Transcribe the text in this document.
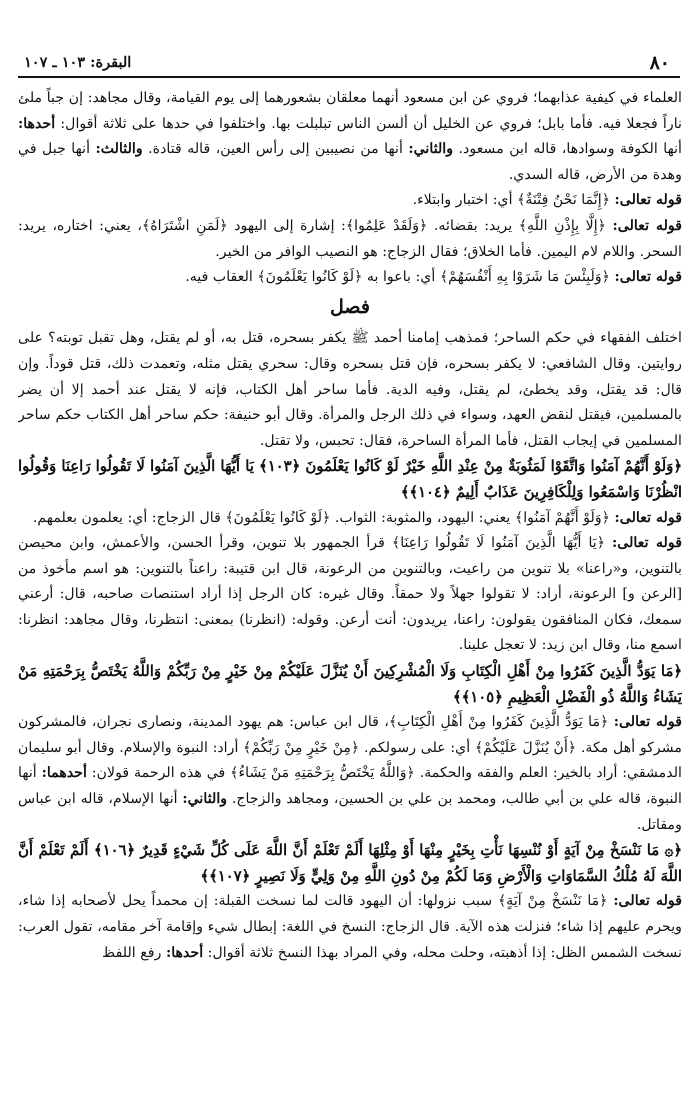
٨٠
البقرة: ١٠٣ ـ ١٠٧

العلماء في كيفية عذابهما؛ فروي عن ابن مسعود أنهما معلقان بشعورهما إلى يوم القيامة، وقال مجاهد: إن جباً ملئ ناراً فجعلا فيه. فأما بابل؛ فروي عن الخليل أن ألسن الناس تبلبلت بها. واختلفوا في حدها على ثلاثة أقوال: أحدها: أنها الكوفة وسوادها، قاله ابن مسعود. والثاني: أنها من نصيبين إلى رأس العين، قاله قتادة. والثالث: أنها جبل في وهدة من الأرض، قاله السدي.

قوله تعالى: ﴿إِنَّمَا نَحْنُ فِتْنَةٌ﴾ أي: اختبار وابتلاء.

قوله تعالى: ﴿إِلَّا بِإِذْنِ اللَّهِ﴾ يريد: بقضائه. ﴿وَلَقَدْ عَلِمُوا﴾: إشارة إلى اليهود ﴿لَمَنِ اشْتَرَاهُ﴾، يعني: اختاره، يريد: السحر. واللام لام اليمين. فأما الخلاق؛ فقال الزجاج: هو النصيب الوافر من الخير.

قوله تعالى: ﴿وَلَبِئْسَ مَا شَرَوْا بِهِ أَنْفُسَهُمْ﴾ أي: باعوا به ﴿لَوْ كَانُوا يَعْلَمُونَ﴾ العقاب فيه.

فصل

اختلف الفقهاء في حكم الساحر؛ فمذهب إمامنا أحمد ﷺ يكفر بسحره، قتل به، أو لم يقتل، وهل تقبل توبته؟ على روايتين. وقال الشافعي: لا يكفر بسحره، فإن قتل بسحره وقال: سحري يقتل مثله، وتعمدت ذلك، قتل قوداً. وإن قال: قد يقتل، وقد يخطئ، لم يقتل، وفيه الدية. فأما ساحر أهل الكتاب، فإنه لا يقتل عند أحمد إلا أن يضر بالمسلمين، فيقتل لنقض العهد، وسواء في ذلك الرجل والمرأة. وقال أبو حنيفة: حكم ساحر أهل الكتاب حكم ساحر المسلمين في إيجاب القتل، فأما المرأة الساحرة، فقال: تحبس، ولا تقتل.

﴿وَلَوْ أَنَّهُمْ آمَنُوا وَاتَّقَوْا لَمَثُوبَةٌ مِنْ عِنْدِ اللَّهِ خَيْرٌ لَوْ كَانُوا يَعْلَمُونَ ﴿١٠٣﴾ يَا أَيُّهَا الَّذِينَ آمَنُوا لَا تَقُولُوا رَاعِنَا وَقُولُوا انْظُرْنَا وَاسْمَعُوا وَلِلْكَافِرِينَ عَذَابٌ أَلِيمٌ ﴿١٠٤﴾﴾

قوله تعالى: ﴿وَلَوْ أَنَّهُمْ آمَنُوا﴾ يعني: اليهود، والمثوبة: الثواب. ﴿لَوْ كَانُوا يَعْلَمُونَ﴾ قال الزجاج: أي: يعلمون بعلمهم.

قوله تعالى: ﴿يَا أَيُّهَا الَّذِينَ آمَنُوا لَا تَقُولُوا رَاعِنَا﴾ قرأ الجمهور بلا تنوين، وقرأ الحسن، والأعمش، وابن محيصن بالتنوين، و«راعنا» بلا تنوين من راعيت، وبالتنوين من الرعونة، قال ابن قتيبة: راعناً بالتنوين: هو اسم مأخوذ من [الرعن و] الرعونة، أراد: لا تقولوا جهلاً ولا حمقاً. وقال غيره: كان الرجل إذا أراد استنصات صاحبه، قال: أرعني سمعك، فكان المنافقون يقولون: راعنا، يريدون: أنت أرعن. وقوله: (انظرنا) بمعنى: انتظرنا، وقال مجاهد: انظرنا: اسمع منا، وقال ابن زيد: لا تعجل علينا.

﴿مَا يَوَدُّ الَّذِينَ كَفَرُوا مِنْ أَهْلِ الْكِتَابِ وَلَا الْمُشْرِكِينَ أَنْ يُنَزَّلَ عَلَيْكُمْ مِنْ خَيْرٍ مِنْ رَبِّكُمْ وَاللَّهُ يَخْتَصُّ بِرَحْمَتِهِ مَنْ يَشَاءُ وَاللَّهُ ذُو الْفَضْلِ الْعَظِيمِ ﴿١٠٥﴾﴾

قوله تعالى: ﴿مَا يَوَدُّ الَّذِينَ كَفَرُوا مِنْ أَهْلِ الْكِتَابِ﴾، قال ابن عباس: هم يهود المدينة، ونصارى نجران، فالمشركون مشركو أهل مكة. ﴿أَنْ يُنَزَّلَ عَلَيْكُمْ﴾ أي: على رسولكم. ﴿مِنْ خَيْرٍ مِنْ رَبِّكُمْ﴾ أراد: النبوة والإسلام. وقال أبو سليمان الدمشقي: أراد بالخير: العلم والفقه والحكمة. ﴿وَاللَّهُ يَخْتَصُّ بِرَحْمَتِهِ مَنْ يَشَاءُ﴾ في هذه الرحمة قولان: أحدهما: أنها النبوة، قاله علي بن أبي طالب، ومحمد بن علي بن الحسين، ومجاهد والزجاج. والثاني: أنها الإسلام، قاله ابن عباس ومقاتل.

﴿۞ مَا نَنْسَخْ مِنْ آيَةٍ أَوْ نُنْسِهَا نَأْتِ بِخَيْرٍ مِنْهَا أَوْ مِثْلِهَا أَلَمْ تَعْلَمْ أَنَّ اللَّهَ عَلَى كُلِّ شَيْءٍ قَدِيرٌ ﴿١٠٦﴾ أَلَمْ تَعْلَمْ أَنَّ اللَّهَ لَهُ مُلْكُ السَّمَاوَاتِ وَالْأَرْضِ وَمَا لَكُمْ مِنْ دُونِ اللَّهِ مِنْ وَلِيٍّ وَلَا نَصِيرٍ ﴿١٠٧﴾﴾

قوله تعالى: ﴿مَا نَنْسَخْ مِنْ آيَةٍ﴾ سبب نزولها: أن اليهود قالت لما نسخت القبلة: إن محمداً يحل لأصحابه إذا شاء، ويحرم عليهم إذا شاء؛ فنزلت هذه الآية. قال الزجاج: النسخ في اللغة: إبطال شيء وإقامة آخر مقامه، تقول العرب: نسخت الشمس الظل: إذا أذهبته، وحلت محله، وفي المراد بهذا النسخ ثلاثة أقوال: أحدها: رفع اللفظ
